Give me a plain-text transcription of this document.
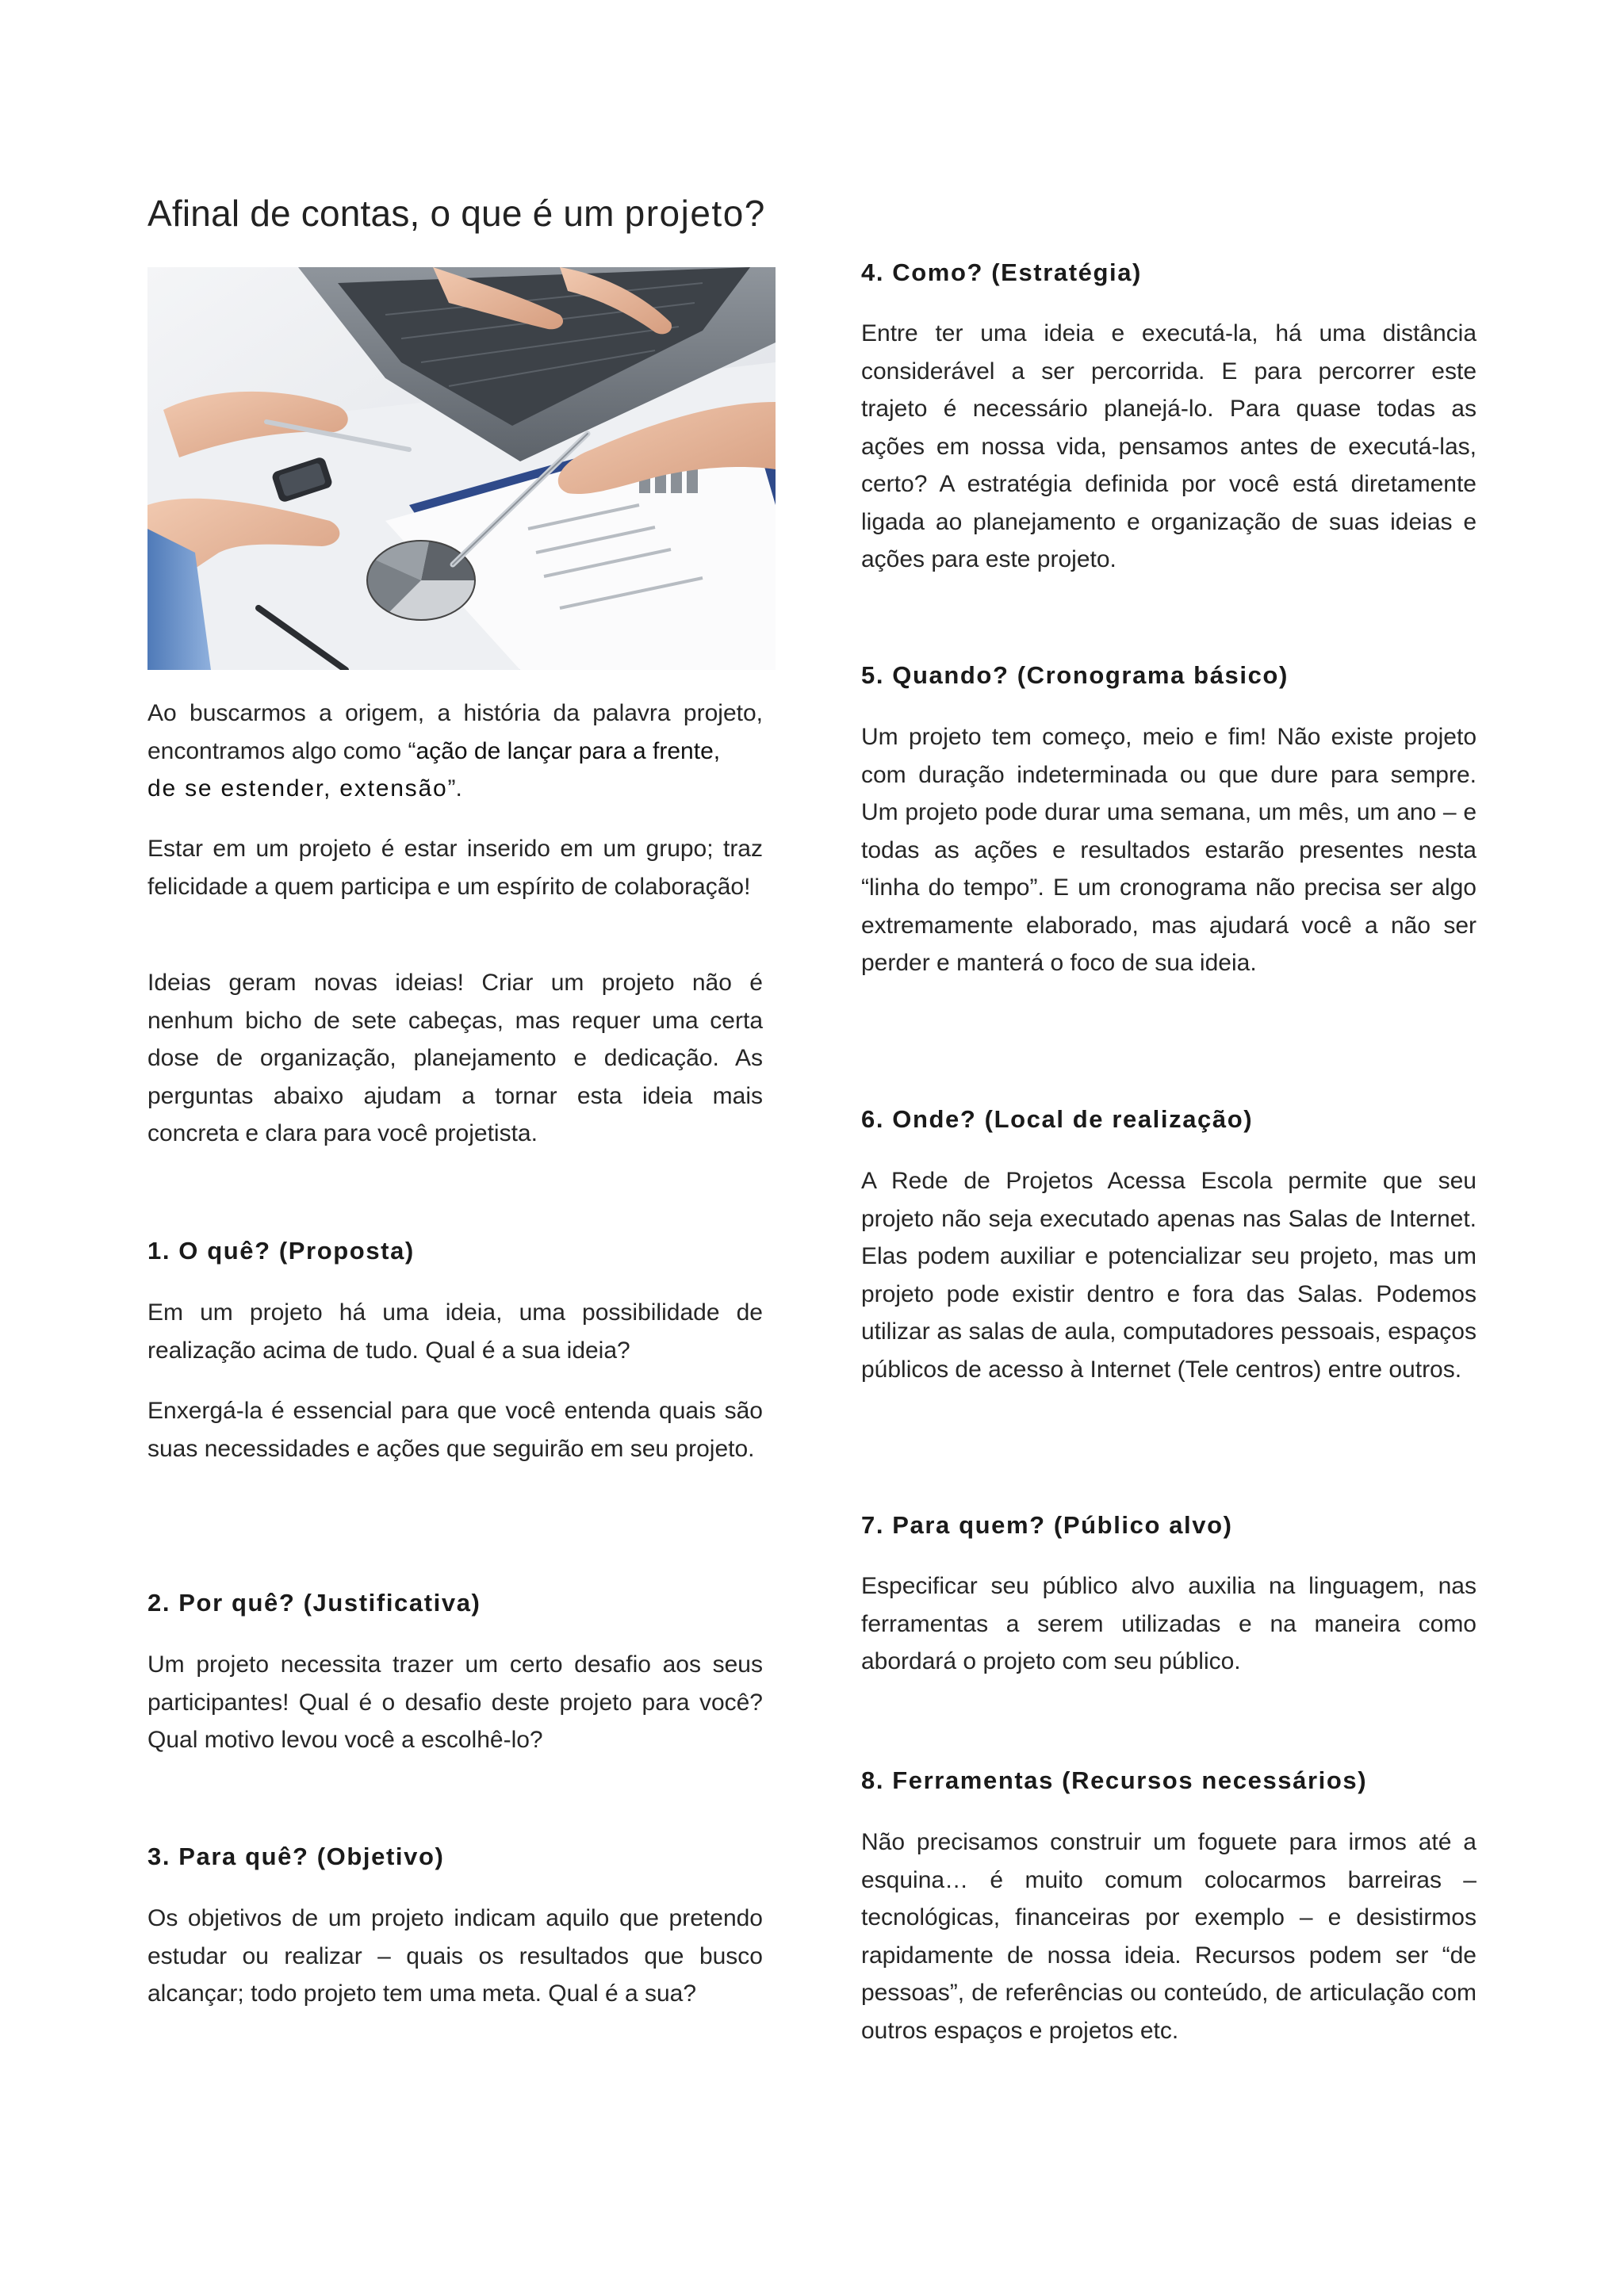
Afinal de contas, o que é um projeto?

Ao buscarmos a origem, a história da palavra projeto, encontramos algo como “ação de lançar para a frente,
de se estender, extensão”.

Estar em um projeto é estar inserido em um grupo; traz felicidade a quem participa e um espírito de colaboração!

Ideias geram novas ideias! Criar um projeto não é nenhum bicho de sete cabeças, mas requer uma certa dose de organização, planejamento e dedicação. As perguntas abaixo ajudam a tornar esta ideia mais concreta e clara para você projetista.

1. O quê? (Proposta)

Em um projeto há uma ideia, uma possibilidade de realização acima de tudo. Qual é a sua ideia?

Enxergá-la é essencial para que você entenda quais são suas necessidades e ações que seguirão em seu projeto.

2. Por quê? (Justificativa)

Um projeto necessita trazer um certo desafio aos seus participantes! Qual é o desafio deste projeto para você? Qual motivo levou você a escolhê-lo?

3. Para quê? (Objetivo)

Os objetivos de um projeto indicam aquilo que pretendo estudar ou realizar – quais os resultados que busco alcançar; todo projeto tem uma meta. Qual é a sua?

4. Como? (Estratégia)

Entre ter uma ideia e executá-la, há uma distância considerável a ser percorrida. E para percorrer este trajeto é necessário planejá-lo. Para quase todas as ações em nossa vida, pensamos antes de executá-las, certo? A estratégia definida por você está diretamente ligada ao planejamento e organização de suas ideias e ações para este projeto.

5. Quando? (Cronograma básico)

Um projeto tem começo, meio e fim! Não existe projeto com duração indeterminada ou que dure para sempre. Um projeto pode durar uma semana, um mês, um ano – e todas as ações e resultados estarão presentes nesta “linha do tempo”. E um cronograma não precisa ser algo extremamente elaborado, mas ajudará você a não ser perder e manterá o foco de sua ideia.

6. Onde? (Local de realização)

A Rede de Projetos Acessa Escola permite que seu projeto não seja executado apenas nas Salas de Internet. Elas podem auxiliar e potencializar seu projeto, mas um projeto pode existir dentro e fora das Salas. Podemos utilizar as salas de aula, computadores pessoais, espaços públicos de acesso à Internet (Tele centros) entre outros.

7. Para quem? (Público alvo)

Especificar seu público alvo auxilia na linguagem, nas ferramentas a serem utilizadas e na maneira como abordará o projeto com seu público.

8. Ferramentas (Recursos necessários)

Não precisamos construir um foguete para irmos até a esquina… é muito comum colocarmos barreiras – tecnológicas, financeiras por exemplo – e desistirmos rapidamente de nossa ideia. Recursos podem ser “de pessoas”, de referências ou conteúdo, de articulação com outros espaços e projetos etc.
